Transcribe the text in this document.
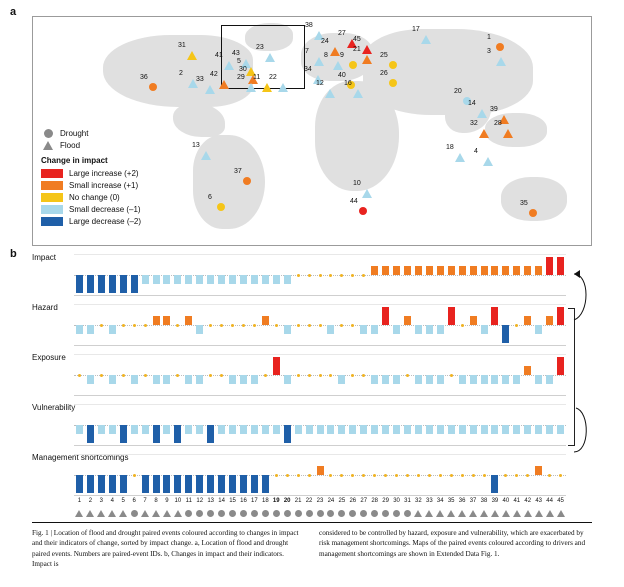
a
31
41
36
2
33
42
43
23
5
30
29 11 22
38
27
45
24
21
7
8 9	25
17
34
40	26
12	16
1
3
20
14
39
28
32
18
4
13
37
6
10
44	35
Drought
Flood
Change in impact
Large increase (+2)
Small increase (+1)
No change (0)
Small decrease (–1)
Large decrease (–2)
b Impact
Hazard
Exposure
Vulnerability
Management shortcomings
1	2	3	4	5	6	7	8	9 10 11 12 13 14 15 16 17 18 19 20 21 22 23 24 25 26 27 28 29 30 31 32 33 34 35 36 37 38 39 40 41 42 43 44 45
Fig. 1 | Location of flood and drought paired events coloured according to changes in impact and their indicators of change, sorted by impact change. a, Location of flood and drought paired events. Numbers are paired-event IDs. b, Changes in impact and their indicators. Impact is
considered to be controlled by hazard, exposure and vulnerability, which are exacerbated by risk management shortcomings. Maps of the paired events coloured according to drivers and management shortcomings are shown in Extended Data Fig. 1.
